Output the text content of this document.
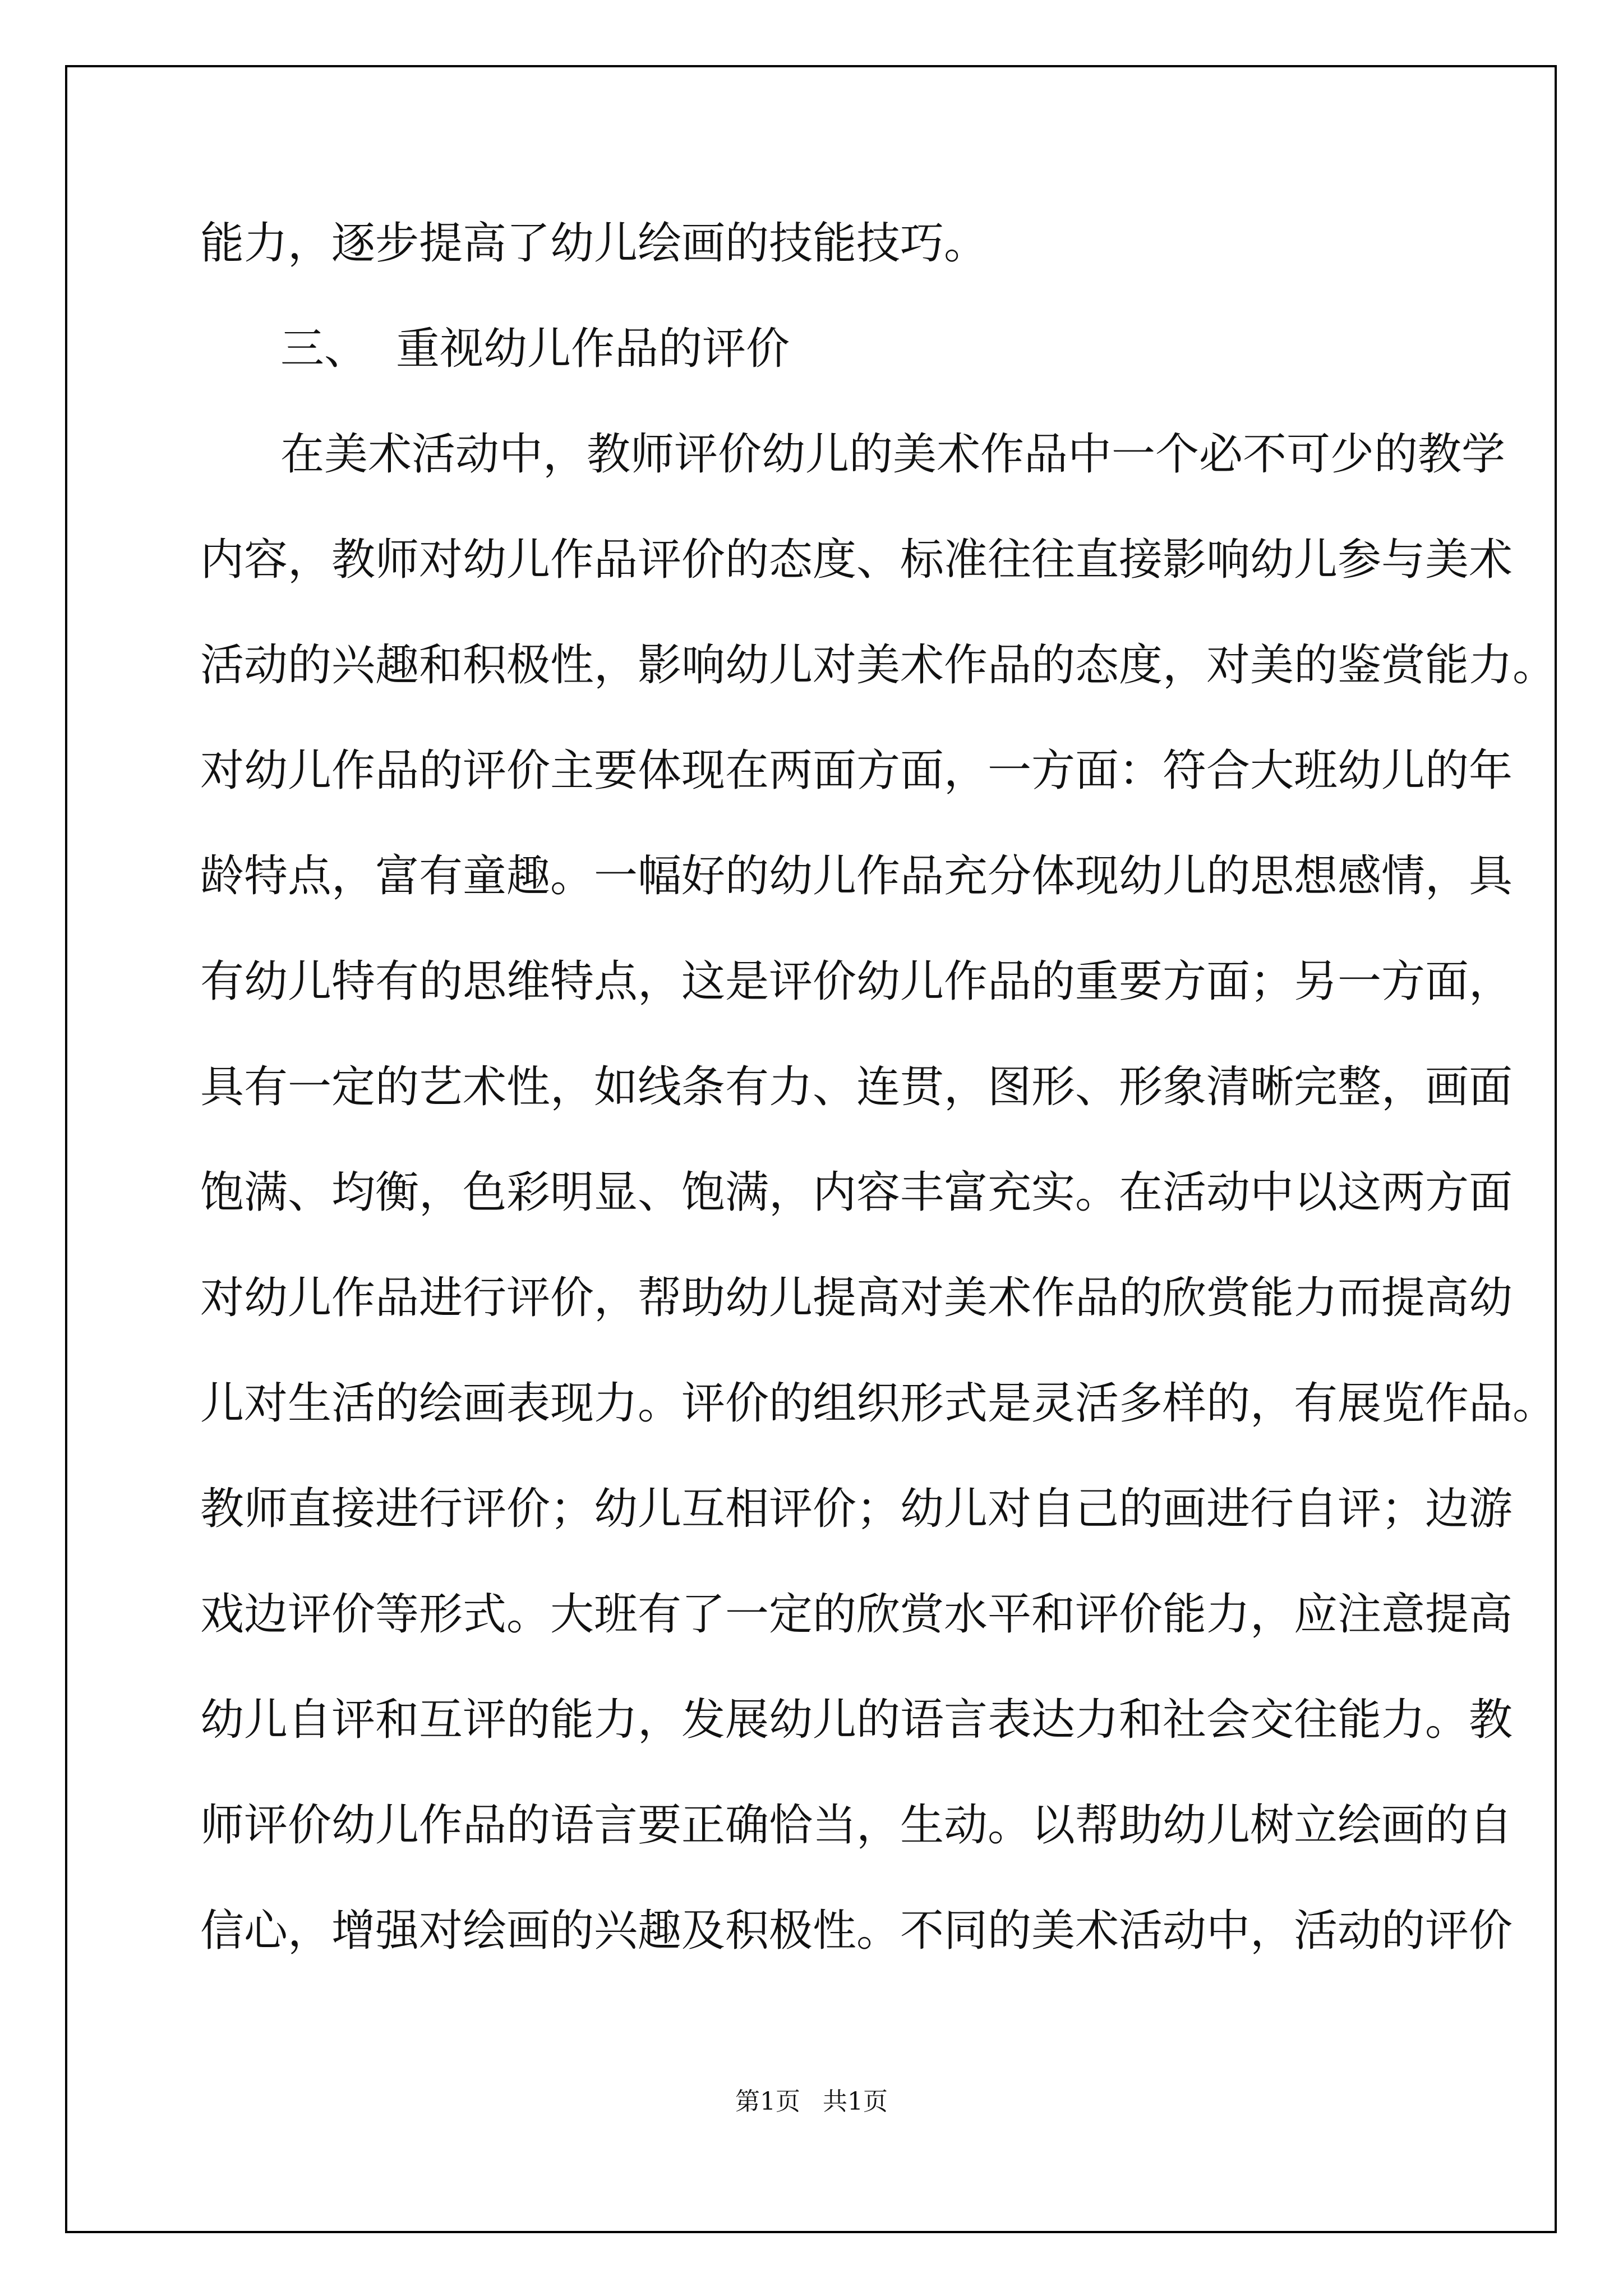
能力，逐步提高了幼儿绘画的技能技巧。
三、 重视幼儿作品的评价
在美术活动中，教师评价幼儿的美术作品中一个必不可少的教学
内容，教师对幼儿作品评价的态度、标准往往直接影响幼儿参与美术
活动的兴趣和积极性，影响幼儿对美术作品的态度，对美的鉴赏能力。
对幼儿作品的评价主要体现在两面方面，一方面：符合大班幼儿的年
龄特点，富有童趣。一幅好的幼儿作品充分体现幼儿的思想感情，具
有幼儿特有的思维特点，这是评价幼儿作品的重要方面；另一方面，
具有一定的艺术性，如线条有力、连贯，图形、形象清晰完整，画面
饱满、均衡，色彩明显、饱满，内容丰富充实。在活动中以这两方面
对幼儿作品进行评价，帮助幼儿提高对美术作品的欣赏能力而提高幼
儿对生活的绘画表现力。评价的组织形式是灵活多样的，有展览作品。
教师直接进行评价；幼儿互相评价；幼儿对自己的画进行自评；边游
戏边评价等形式。大班有了一定的欣赏水平和评价能力，应注意提高
幼儿自评和互评的能力，发展幼儿的语言表达力和社会交往能力。教
师评价幼儿作品的语言要正确恰当，生动。以帮助幼儿树立绘画的自
信心，增强对绘画的兴趣及积极性。不同的美术活动中，活动的评价
第1页 共1页
